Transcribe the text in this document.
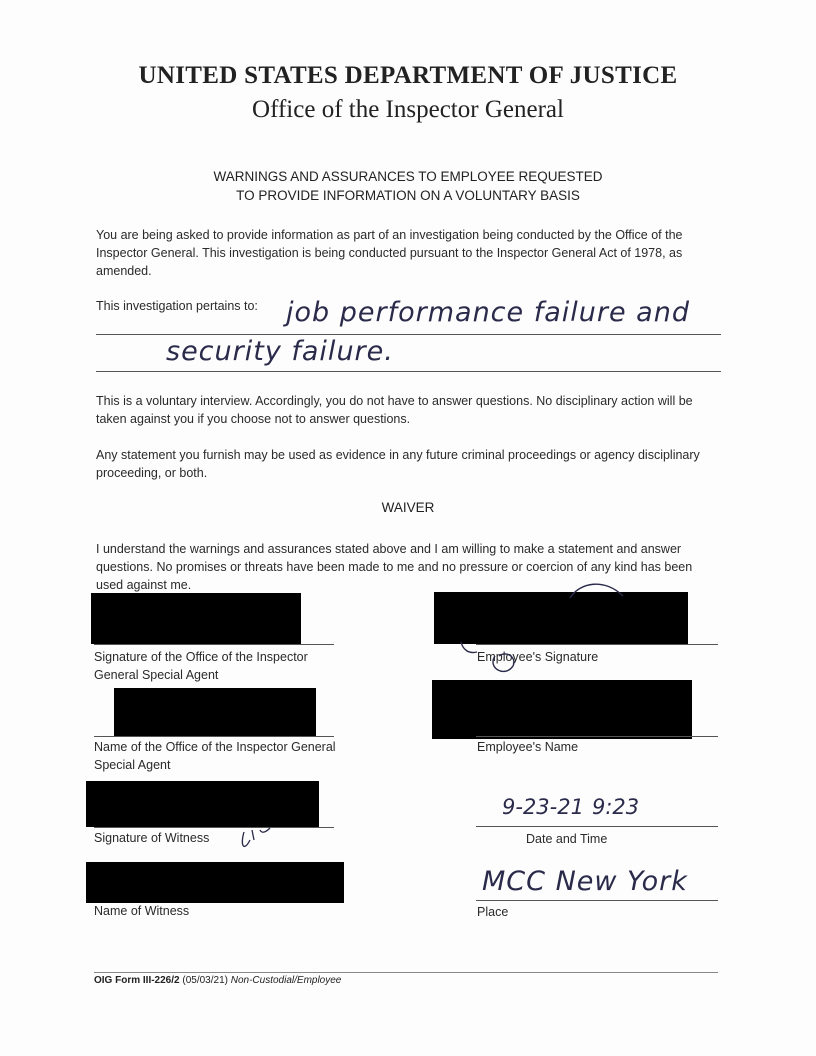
UNITED STATES DEPARTMENT OF JUSTICE
Office of the Inspector General
WARNINGS AND ASSURANCES TO EMPLOYEE REQUESTED
TO PROVIDE INFORMATION ON A VOLUNTARY BASIS
You are being asked to provide information as part of an investigation being conducted by the Office of the Inspector General. This investigation is being conducted pursuant to the Inspector General Act of 1978, as amended.
This investigation pertains to: job performance failure and
security failure.
This is a voluntary interview. Accordingly, you do not have to answer questions. No disciplinary action will be taken against you if you choose not to answer questions.
Any statement you furnish may be used as evidence in any future criminal proceedings or agency disciplinary proceeding, or both.
WAIVER
I understand the warnings and assurances stated above and I am willing to make a statement and answer questions. No promises or threats have been made to me and no pressure or coercion of any kind has been used against me.
Signature of the Office of the Inspector General Special Agent
Employee's Signature
Name of the Office of the Inspector General Special Agent
Employee's Name
Signature of Witness
9-23-21 9:23
Date and Time
Name of Witness
MCC New York
Place
OIG Form III-226/2 (05/03/21) Non-Custodial/Employee
